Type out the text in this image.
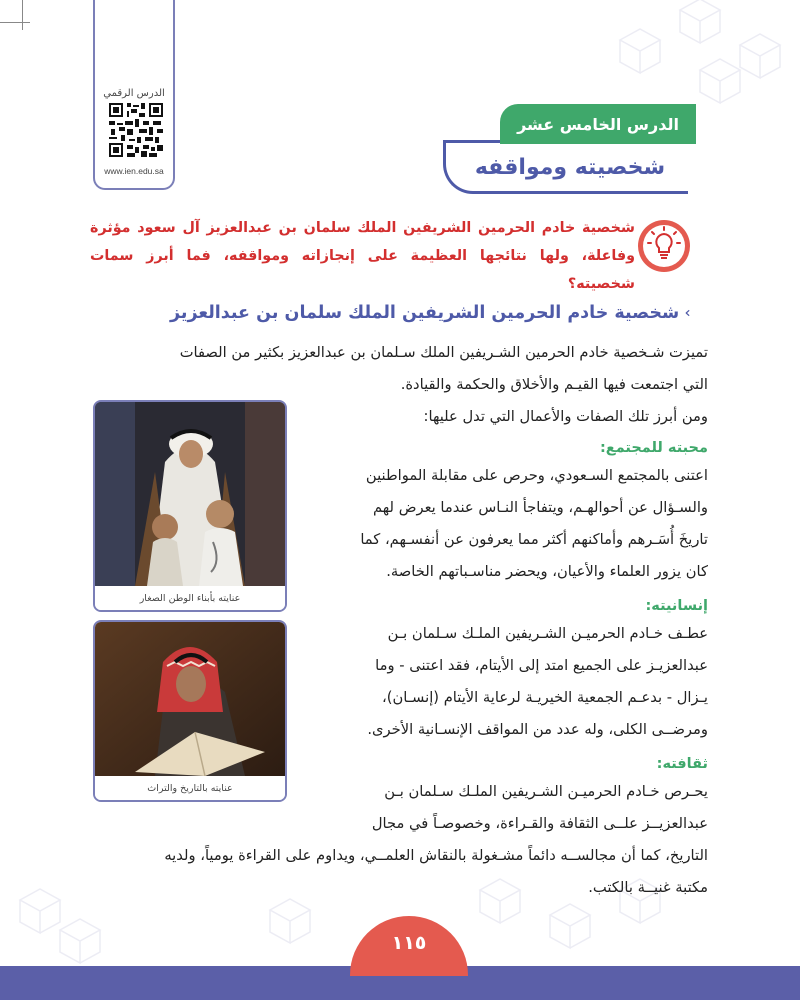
الدرس الرقمي
www.ien.edu.sa
الدرس الخامس عشر
شخصيته ومواقفه
شخصية خادم الحرمين الشريفين الملك سلمان بن عبدالعزيز آل سعود مؤثرة
وفاعلة، ولها نتائجها العظيمة على إنجازاته ومواقفه، فما أبرز سمات شخصيته؟
شخصية خادم الحرمين الشريفين الملك سلمان بن عبدالعزيز
تميزت شـخصية خادم الحرمين الشـريفين الملك سـلمان بن عبدالعزيز بكثير من الصفات
التي اجتمعت فيها القيـم والأخلاق والحكمة والقيادة.
ومن أبرز تلك الصفات والأعمال التي تدل عليها:
محبته للمجتمع:
اعتنى بالمجتمع السـعودي، وحرص على مقابلة المواطنين
والسـؤال عن أحوالهـم، ويتفاجأ النـاس عندما يعرض لهم
تاريخَ أُسَـرهم وأماكنهم أكثر مما يعرفون عن أنفسـهم، كما
كان يزور العلماء والأعيان، ويحضر مناسـباتهم الخاصة.
إنسانيته:
عطـف خـادم الحرميـن الشـريفين الملـك سـلمان بـن
عبدالعزيـز على الجميع امتد إلى الأيتام، فقد اعتنى - وما
يـزال - بدعـم الجمعية الخيريـة لرعاية الأيتام (إنسـان)،
ومرضــى الكلى، وله عدد من المواقف الإنسـانية الأخرى.
ثقافته:
يحـرص خـادم الحرميـن الشـريفين الملـك سـلمان بـن
عبدالعزيــز علــى الثقافة والقـراءة، وخصوصـاً في مجال
التاريخ، كما أن مجالســه دائماً مشـغولة بالنقاش العلمــي، ويداوم على القراءة يومياً، ولديه
مكتبة غنيــة بالكتب.
عنايته بأبناء الوطن الصغار
عنايته بالتاريخ والتراث
١١٥
